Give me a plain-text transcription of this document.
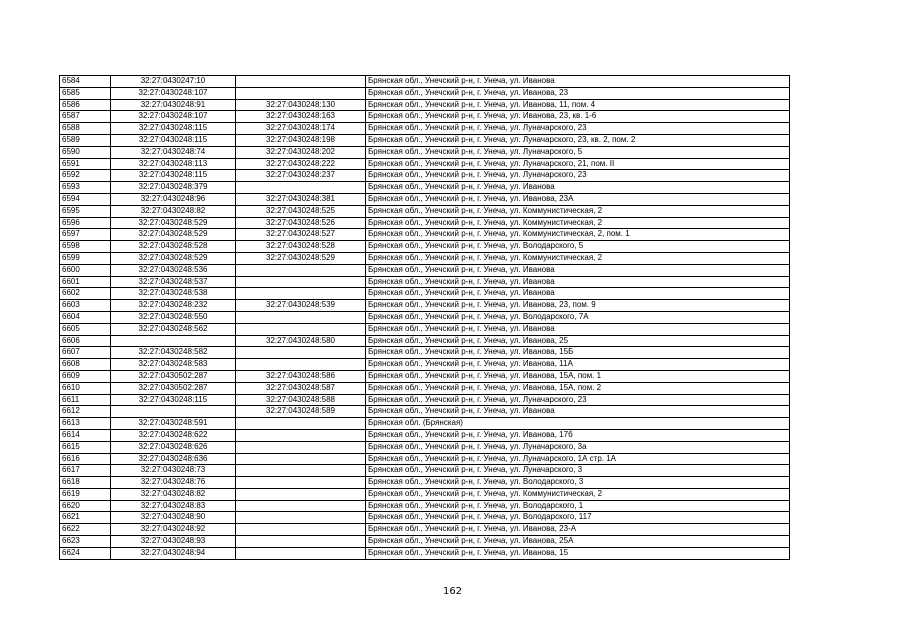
6584	32:27:0430247:10		Брянская обл., Унечский р-н, г. Унеча, ул. Иванова
6585	32:27:0430248:107		Брянская обл., Унечский р-н, г. Унеча, ул. Иванова, 23
6586	32:27:0430248:91	32:27:0430248:130	Брянская обл., Унечский р-н, г. Унеча, ул. Иванова, 11, пом. 4
6587	32:27:0430248:107	32:27:0430248:163	Брянская обл., Унечский р-н, г. Унеча, ул. Иванова, 23, кв. 1-6
6588	32:27:0430248:115	32:27:0430248:174	Брянская обл., Унечский р-н, г. Унеча, ул. Луначарского, 23
6589	32:27:0430248:115	32:27:0430248:198	Брянская обл., Унечский р-н, г. Унеча, ул. Луначарского, 23, кв. 2, пом. 2
6590	32:27:0430248:74	32:27:0430248:202	Брянская обл., Унечский р-н, г. Унеча, ул. Луначарского, 5
6591	32:27:0430248:113	32:27:0430248:222	Брянская обл., Унечский р-н, г. Унеча, ул. Луначарского, 21, пом. II
6592	32:27:0430248:115	32:27:0430248:237	Брянская обл., Унечский р-н, г. Унеча, ул. Луначарского, 23
6593	32:27:0430248:379		Брянская обл., Унечский р-н, г. Унеча, ул. Иванова
6594	32:27:0430248:96	32:27:0430248:381	Брянская обл., Унечский р-н, г. Унеча, ул. Иванова, 23А
6595	32:27:0430248:82	32:27:0430248:525	Брянская обл., Унечский р-н, г. Унеча, ул. Коммунистическая, 2
6596	32:27:0430248:529	32:27:0430248:526	Брянская обл., Унечский р-н, г. Унеча, ул. Коммунистическая, 2
6597	32:27:0430248:529	32:27:0430248:527	Брянская обл., Унечский р-н, г. Унеча, ул. Коммунистическая, 2, пом. 1
6598	32:27:0430248:528	32:27:0430248:528	Брянская обл., Унечский р-н, г. Унеча, ул. Володарского, 5
6599	32:27:0430248:529	32:27:0430248:529	Брянская обл., Унечский р-н, г. Унеча, ул. Коммунистическая, 2
6600	32:27:0430248:536		Брянская обл., Унечский р-н, г. Унеча, ул. Иванова
6601	32:27:0430248:537		Брянская обл., Унечский р-н, г. Унеча, ул. Иванова
6602	32:27:0430248:538		Брянская обл., Унечский р-н, г. Унеча, ул. Иванова
6603	32:27:0430248:232	32:27:0430248:539	Брянская обл., Унечский р-н, г. Унеча, ул. Иванова, 23, пом. 9
6604	32:27:0430248:550		Брянская обл., Унечский р-н, г. Унеча, ул. Володарского, 7А
6605	32:27:0430248:562		Брянская обл., Унечский р-н, г. Унеча, ул. Иванова
6606		32:27:0430248:580	Брянская обл., Унечский р-н, г. Унеча, ул. Иванова, 25
6607	32:27:0430248:582		Брянская обл., Унечский р-н, г. Унеча, ул. Иванова, 15Б
6608	32:27:0430248:583		Брянская обл., Унечский р-н, г. Унеча, ул. Иванова, 11А
6609	32:27:0430502:287	32:27:0430248:586	Брянская обл., Унечский р-н, г. Унеча, ул. Иванова, 15А, пом. 1
6610	32:27:0430502:287	32:27:0430248:587	Брянская обл., Унечский р-н, г. Унеча, ул. Иванова, 15А, пом. 2
6611	32:27:0430248:115	32:27:0430248:588	Брянская обл., Унечский р-н, г. Унеча, ул. Луначарского, 23
6612		32:27:0430248:589	Брянская обл., Унечский р-н, г. Унеча, ул. Иванова
6613	32:27:0430248:591		Брянская обл. (Брянская)
6614	32:27:0430248:622		Брянская обл., Унечский р-н, г. Унеча, ул. Иванова, 17б
6615	32:27:0430248:626		Брянская обл., Унечский р-н, г. Унеча, ул. Луначарского, 3а
6616	32:27:0430248:636		Брянская обл., Унечский р-н, г. Унеча, ул. Луначарского, 1А стр. 1А
6617	32:27:0430248:73		Брянская обл., Унечский р-н, г. Унеча, ул. Луначарского, 3
6618	32:27:0430248:76		Брянская обл., Унечский р-н, г. Унеча, ул. Володарского, 3
6619	32:27:0430248:82		Брянская обл., Унечский р-н, г. Унеча, ул. Коммунистическая, 2
6620	32:27:0430248:83		Брянская обл., Унечский р-н, г. Унеча, ул. Володарского, 1
6621	32:27:0430248:90		Брянская обл., Унечский р-н, г. Унеча, ул. Володарского, 117
6622	32:27:0430248:92		Брянская обл., Унечский р-н, г. Унеча, ул. Иванова, 23-А
6623	32:27:0430248:93		Брянская обл., Унечский р-н, г. Унеча, ул. Иванова, 25А
6624	32:27:0430248:94		Брянская обл., Унечский р-н, г. Унеча, ул. Иванова, 15
162
